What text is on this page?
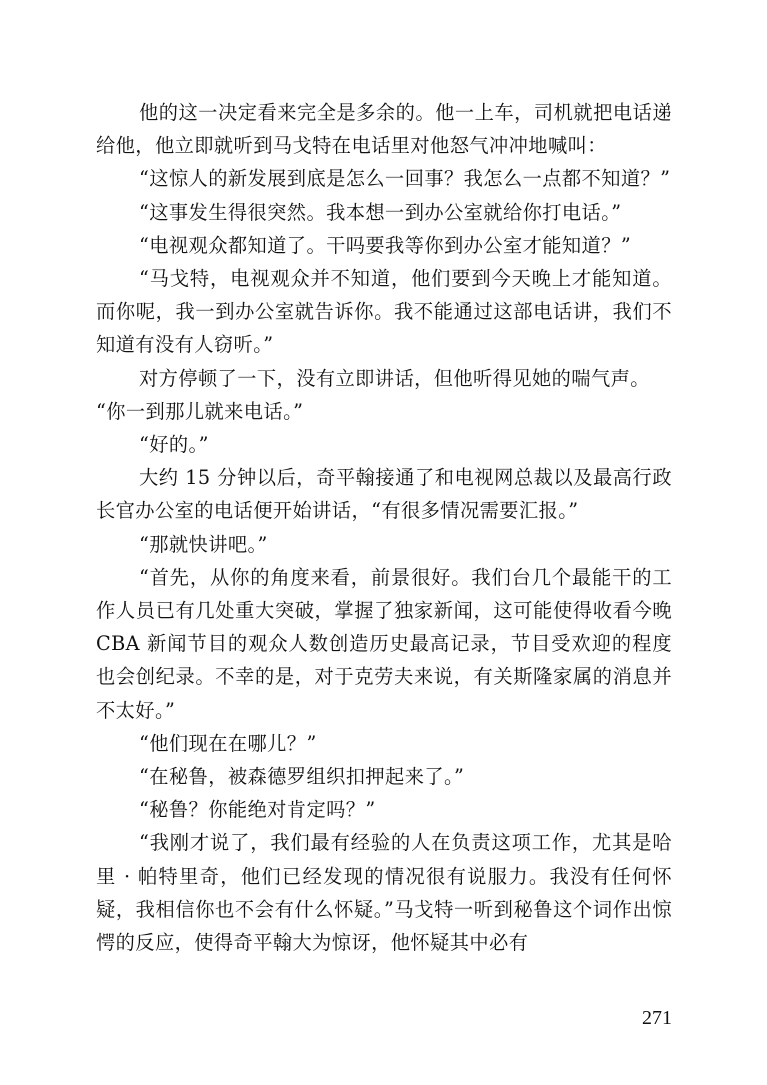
他的这一决定看来完全是多余的。他一上车，司机就把电话递给他，他立即就听到马戈特在电话里对他怒气冲冲地喊叫：

“这惊人的新发展到底是怎么一回事？我怎么一点都不知道？”

“这事发生得很突然。我本想一到办公室就给你打电话。”

“电视观众都知道了。干吗要我等你到办公室才能知道？”

“马戈特，电视观众并不知道，他们要到今天晚上才能知道。而你呢，我一到办公室就告诉你。我不能通过这部电话讲，我们不知道有没有人窃听。”

对方停顿了一下，没有立即讲话，但他听得见她的喘气声。

“你一到那儿就来电话。”

“好的。”

大约 15 分钟以后，奇平翰接通了和电视网总裁以及最高行政长官办公室的电话便开始讲话，“有很多情况需要汇报。”

“那就快讲吧。”

“首先，从你的角度来看，前景很好。我们台几个最能干的工作人员已有几处重大突破，掌握了独家新闻，这可能使得收看今晚 CBA 新闻节目的观众人数创造历史最高记录，节目受欢迎的程度也会创纪录。不幸的是，对于克劳夫来说，有关斯隆家属的消息并不太好。”

“他们现在在哪儿？”

“在秘鲁，被森德罗组织扣押起来了。”

“秘鲁？你能绝对肯定吗？”

“我刚才说了，我们最有经验的人在负责这项工作，尤其是哈里 · 帕特里奇，他们已经发现的情况很有说服力。我没有任何怀疑，我相信你也不会有什么怀疑。”马戈特一听到秘鲁这个词作出惊愕的反应，使得奇平翰大为惊讶，他怀疑其中必有

271
